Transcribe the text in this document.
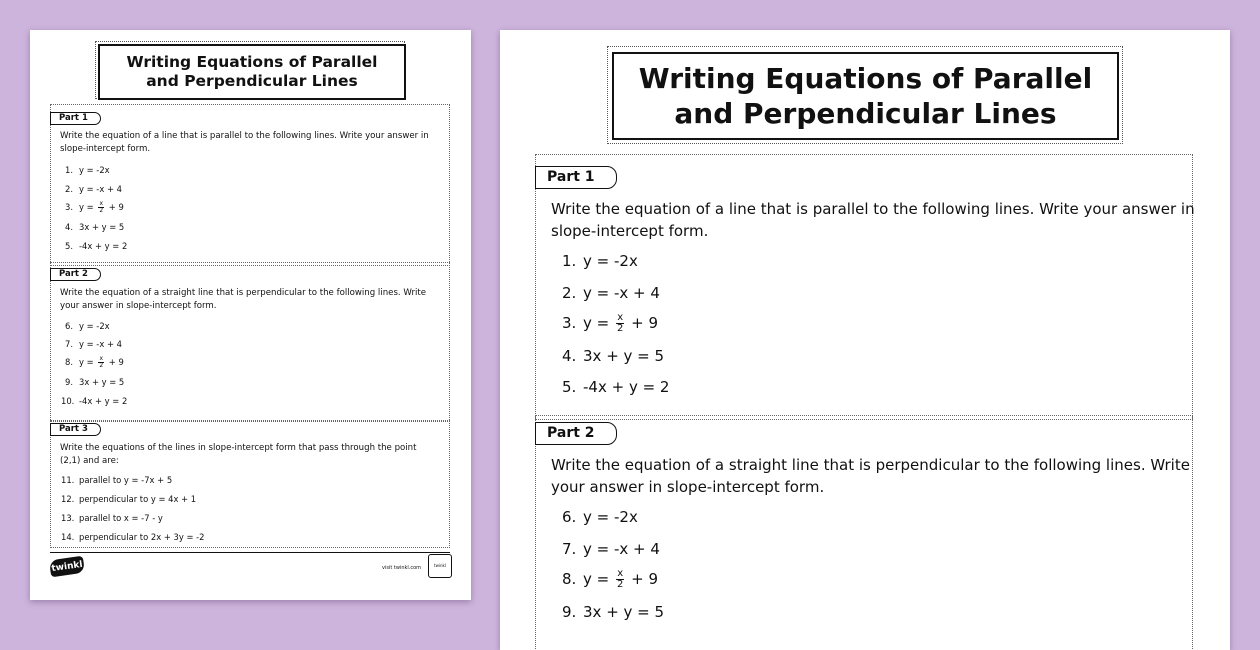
Writing Equations of Parallel
and Perpendicular Lines
Part 1
Write the equation of a line that is parallel to the following lines. Write your answer in slope-intercept form.
1. y = -2x
2. y = -x + 4
3. $y = \frac{x}{2} + 9$
4. 3x + y = 5
5. -4x + y = 2
Part 2
Write the equation of a straight line that is perpendicular to the following lines. Write your answer in slope-intercept form.
6. y = -2x
7. y = -x + 4
8. $y = \frac{x}{2} + 9$
9. 3x + y = 5
10. -4x + y = 2
Part 3
Write the equations of the lines in slope-intercept form that pass through the point (2,1) and are:
11. parallel to y = -7x + 5
12. perpendicular to y = 4x + 1
13. parallel to x = -7 - y
14. perpendicular to 2x + 3y = -2
twinkl	visit twinkl.com	twinkl
Writing Equations of Parallel
and Perpendicular Lines
Part 1
Write the equation of a line that is parallel to the following lines. Write your answer in slope-intercept form.
1. y = -2x
2. y = -x + 4
3. $y = \frac{x}{2} + 9$
4. 3x + y = 5
5. -4x + y = 2
Part 2
Write the equation of a straight line that is perpendicular to the following lines. Write your answer in slope-intercept form.
6. y = -2x
7. y = -x + 4
8. $y = \frac{x}{2} + 9$
9. 3x + y = 5
